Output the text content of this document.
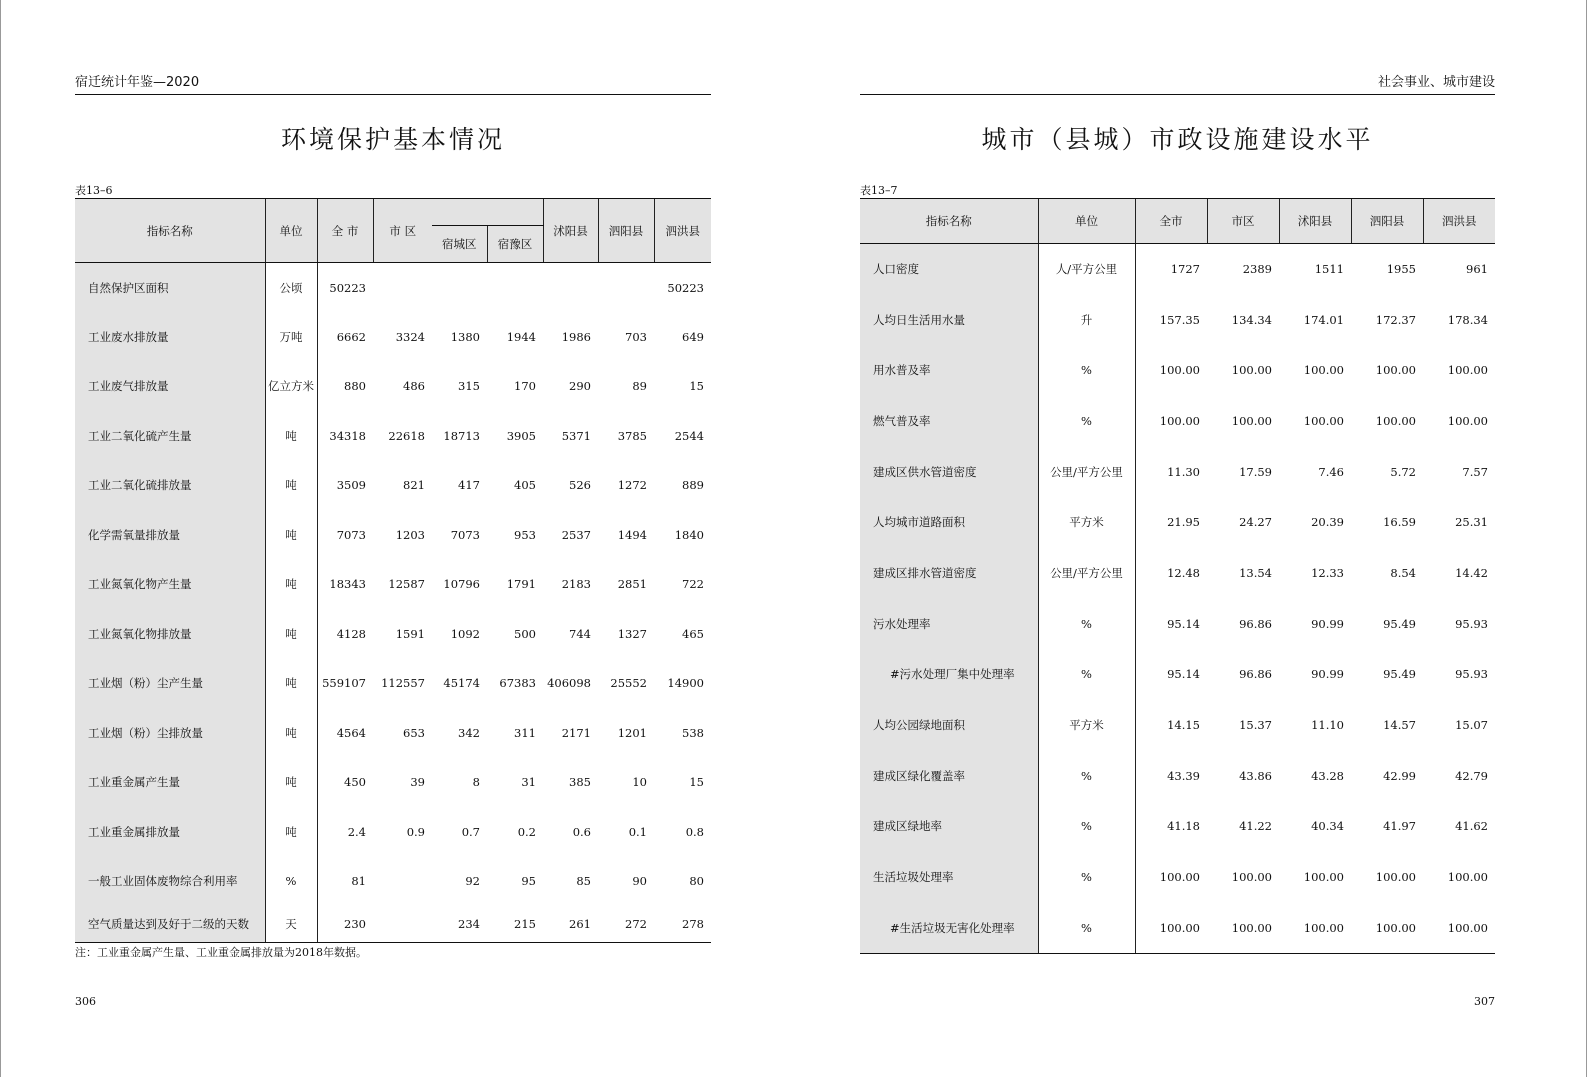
宿迁统计年鉴—2020
环境保护基本情况
表13–6
指标名称	单位	全 市	市 区			沭阳县	泗阳县	泗洪县
				宿城区	宿豫区			
自然保护区面积	公顷	50223						50223
工业废水排放量	万吨	6662	3324	1380	1944	1986	703	649
工业废气排放量	亿立方米	880	486	315	170	290	89	15
工业二氧化硫产生量	吨	34318	22618	18713	3905	5371	3785	2544
工业二氧化硫排放量	吨	3509	821	417	405	526	1272	889
化学需氧量排放量	吨	7073	1203	7073	953	2537	1494	1840
工业氮氧化物产生量	吨	18343	12587	10796	1791	2183	2851	722
工业氮氧化物排放量	吨	4128	1591	1092	500	744	1327	465
工业烟（粉）尘产生量	吨	559107	112557	45174	67383	406098	25552	14900
工业烟（粉）尘排放量	吨	4564	653	342	311	2171	1201	538
工业重金属产生量	吨	450	39	8	31	385	10	15
工业重金属排放量	吨	2.4	0.9	0.7	0.2	0.6	0.1	0.8
一般工业固体废物综合利用率	%	81		92	95	85	90	80
空气质量达到及好于二级的天数	天	230		234	215	261	272	278
注：工业重金属产生量、工业重金属排放量为2018年数据。
306
社会事业、城市建设
城市（县城）市政设施建设水平
表13–7
指标名称	单位	全市	市区	沭阳县	泗阳县	泗洪县
人口密度	人/平方公里	1727	2389	1511	1955	961
人均日生活用水量	升	157.35	134.34	174.01	172.37	178.34
用水普及率	%	100.00	100.00	100.00	100.00	100.00
燃气普及率	%	100.00	100.00	100.00	100.00	100.00
建成区供水管道密度	公里/平方公里	11.30	17.59	7.46	5.72	7.57
人均城市道路面积	平方米	21.95	24.27	20.39	16.59	25.31
建成区排水管道密度	公里/平方公里	12.48	13.54	12.33	8.54	14.42
污水处理率	%	95.14	96.86	90.99	95.49	95.93
#污水处理厂集中处理率	%	95.14	96.86	90.99	95.49	95.93
人均公园绿地面积	平方米	14.15	15.37	11.10	14.57	15.07
建成区绿化覆盖率	%	43.39	43.86	43.28	42.99	42.79
建成区绿地率	%	41.18	41.22	40.34	41.97	41.62
生活垃圾处理率	%	100.00	100.00	100.00	100.00	100.00
#生活垃圾无害化处理率	%	100.00	100.00	100.00	100.00	100.00
307
